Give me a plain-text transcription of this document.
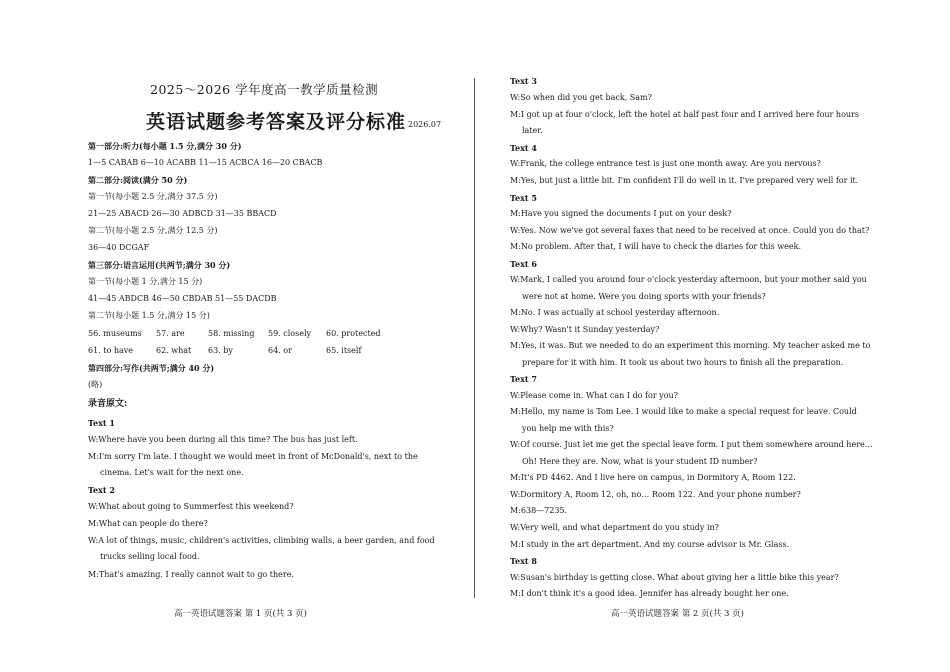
2025～2026 学年度高一教学质量检测
英语试题参考答案及评分标准 2026.07
第一部分:听力(每小题 1.5 分,满分 30 分)
1—5 CABAB 6—10 ACABB 11—15 ACBCA 16—20 CBACB
第二部分:阅读(满分 50 分)
第一节(每小题 2.5 分,满分 37.5 分)
21—25 ABACD 26—30 ADBCD 31—35 BBACD
第二节(每小题 2.5 分,满分 12.5 分)
36—40 DCGAF
第三部分:语言运用(共两节;满分 30 分)
第一节(每小题 1 分,满分 15 分)
41—45 ABDCB 46—50 CBDAB 51—55 DACDB
第二节(每小题 1.5 分,满分 15 分)
56. museums 57. are	58. missing 59. closely 60. protected
61. to have	62. what 63. by	64. or	65. itself
第四部分:写作(共两节;满分 40 分)
(略)
录音原文:
Text 1
W:Where have you been during all this time? The bus has just left.
M:I'm sorry I'm late. I thought we would meet in front of McDonald's, next to the
cinema. Let's wait for the next one.
Text 2
W:What about going to Summerfest this weekend?
M:What can people do there?
W:A lot of things, music, children's activities, climbing walls, a beer garden, and food
trucks selling local food.
M:That's amazing. I really cannot wait to go there.
Text 3
W:So when did you get back, Sam?
M:I got up at four o'clock, left the hotel at half past four and I arrived here four hours
later.
Text 4
W:Frank, the college entrance test is just one month away. Are you nervous?
M:Yes, but just a little bit. I'm confident I'll do well in it. I've prepared very well for it.
Text 5
M:Have you signed the documents I put on your desk?
W:Yes. Now we've got several faxes that need to be received at once. Could you do that?
M:No problem. After that, I will have to check the diaries for this week.
Text 6
W:Mark, I called you around four o'clock yesterday afternoon, but your mother said you
were not at home. Were you doing sports with your friends?
M:No. I was actually at school yesterday afternoon.
W:Why? Wasn't it Sunday yesterday?
M:Yes, it was. But we needed to do an experiment this morning. My teacher asked me to
prepare for it with him. It took us about two hours to finish all the preparation.
Text 7
W:Please come in. What can I do for you?
M:Hello, my name is Tom Lee. I would like to make a special request for leave. Could
you help me with this?
W:Of course. Just let me get the special leave form. I put them somewhere around here…
Oh! Here they are. Now, what is your student ID number?
M:It's PD 4462. And I live here on campus, in Dormitory A, Room 122.
W:Dormitory A, Room 12, oh, no… Room 122. And your phone number?
M:638—7235.
W:Very well, and what department do you study in?
M:I study in the art department. And my course advisor is Mr. Glass.
Text 8
W:Susan's birthday is getting close. What about giving her a little bike this year?
M:I don't think it's a good idea. Jennifer has already bought her one.
高一英语试题答案 第 1 页(共 3 页)	高一英语试题答案 第 2 页(共 3 页)
